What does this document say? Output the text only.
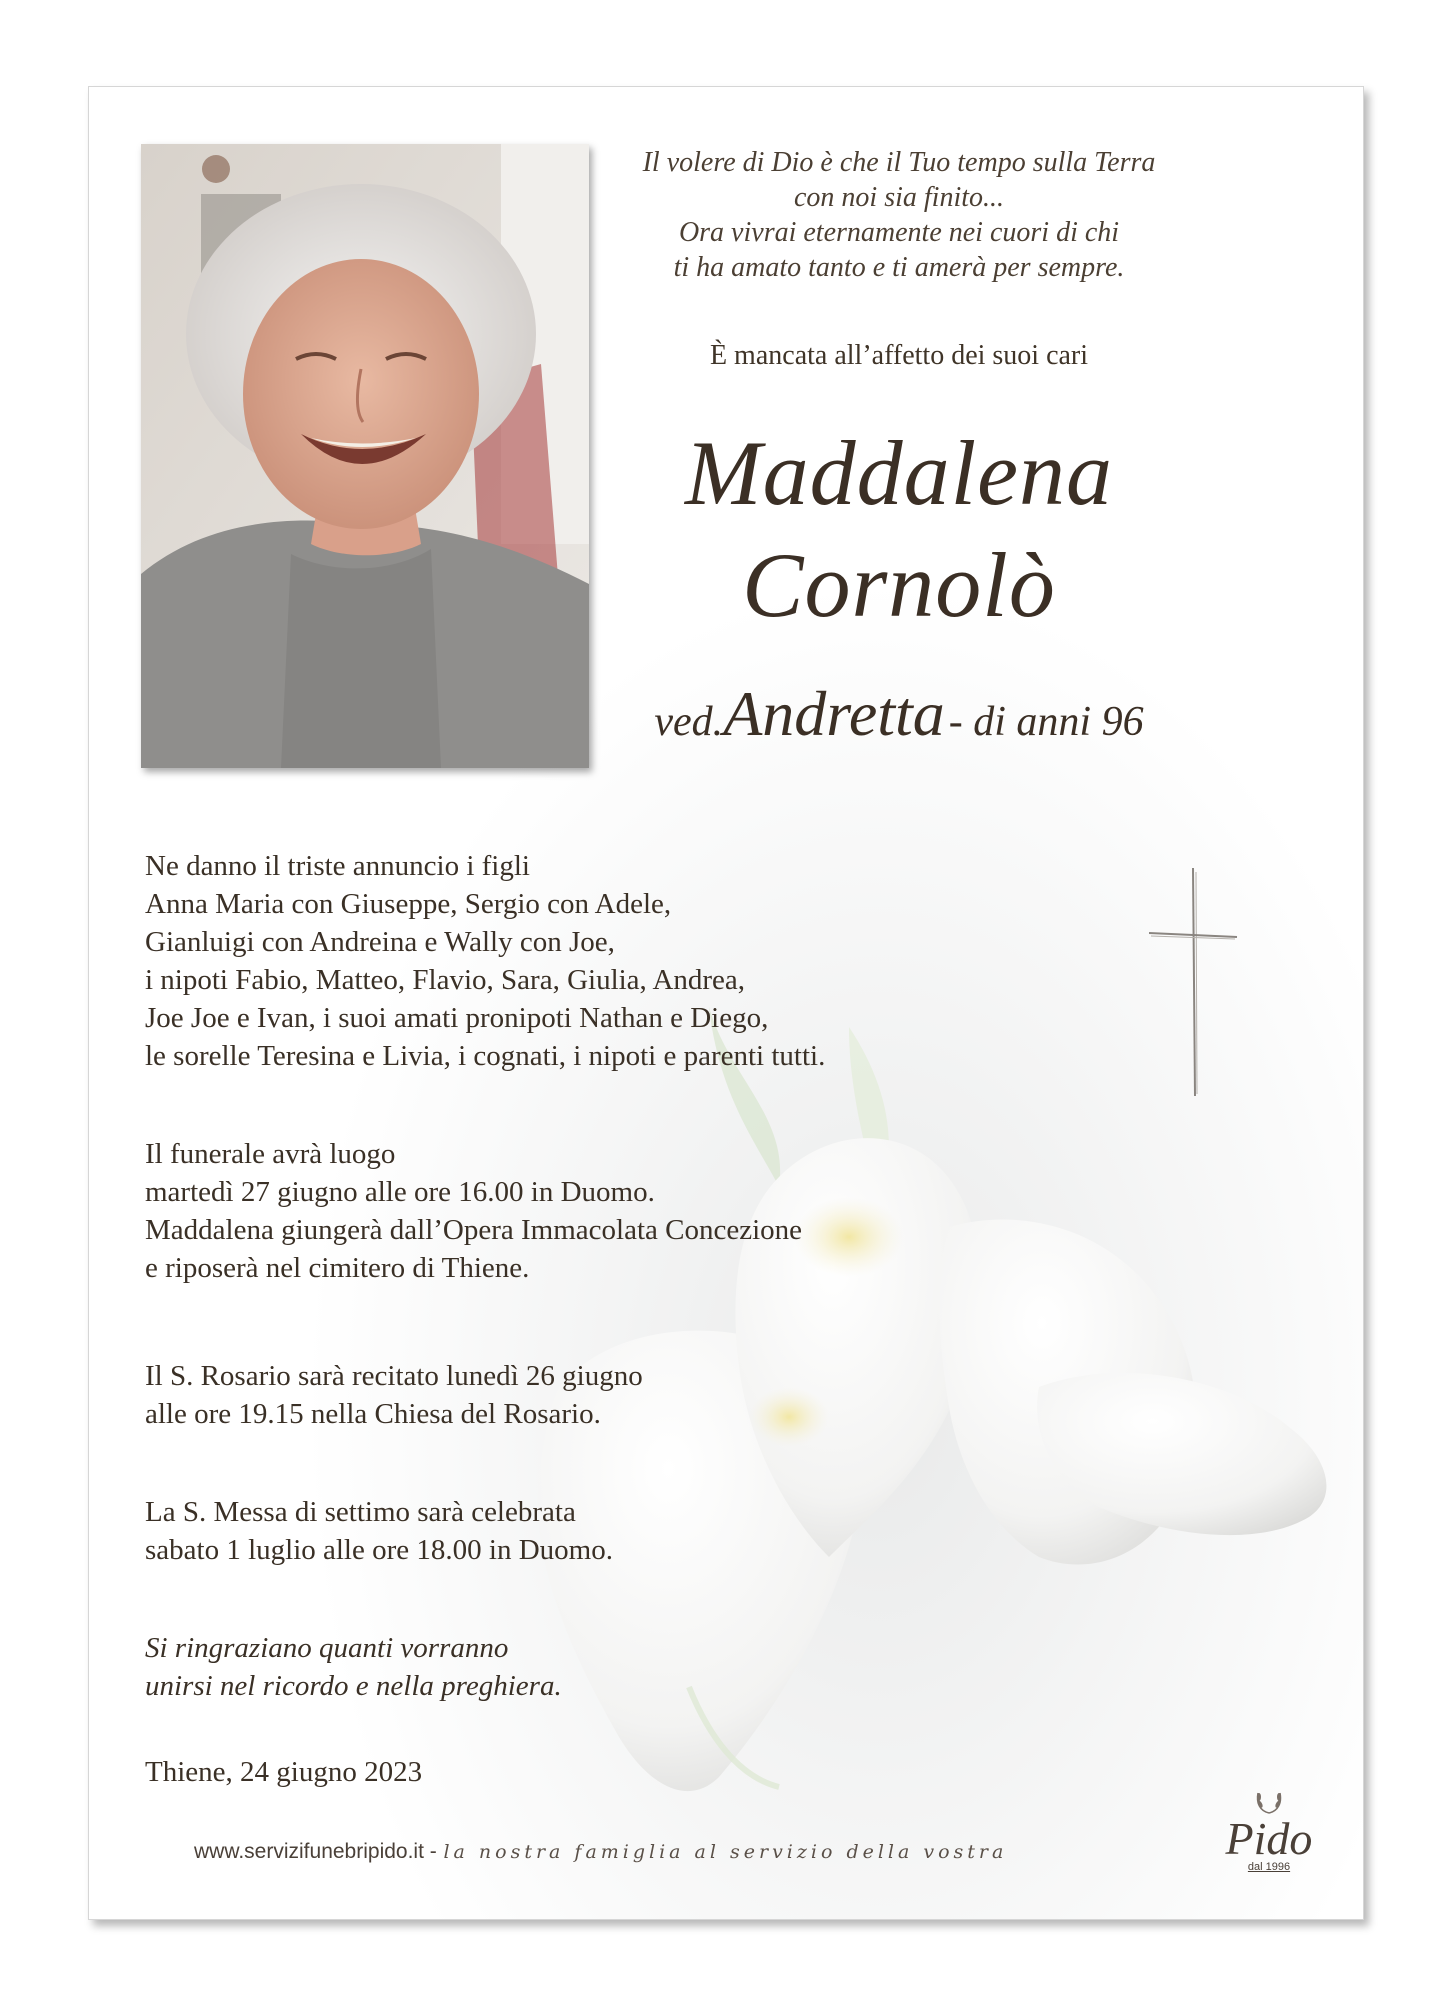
Il volere di Dio è che il Tuo tempo sulla Terra
con noi sia finito...
Ora vivrai eternamente nei cuori di chi
ti ha amato tanto e ti amerà per sempre.
È mancata all’affetto dei suoi cari
Maddalena
Cornolò
ved.Andretta - di anni 96
Ne danno il triste annuncio i figli
Anna Maria con Giuseppe, Sergio con Adele,
Gianluigi con Andreina e Wally con Joe,
i nipoti Fabio, Matteo, Flavio, Sara, Giulia, Andrea,
Joe Joe e Ivan, i suoi amati pronipoti Nathan e Diego,
le sorelle Teresina e Livia, i cognati, i nipoti e parenti tutti.
Il funerale avrà luogo
martedì 27 giugno alle ore 16.00 in Duomo.
Maddalena giungerà dall’Opera Immacolata Concezione
e riposerà nel cimitero di Thiene.
Il S. Rosario sarà recitato lunedì 26 giugno
alle ore 19.15 nella Chiesa del Rosario.
La S. Messa di settimo sarà celebrata
sabato 1 luglio alle ore 18.00 in Duomo.
Si ringraziano quanti vorranno
unirsi nel ricordo e nella preghiera.
Thiene, 24 giugno 2023
Pido
dal 1996
www.servizifunebripido.it - la nostra famiglia al servizio della vostra
